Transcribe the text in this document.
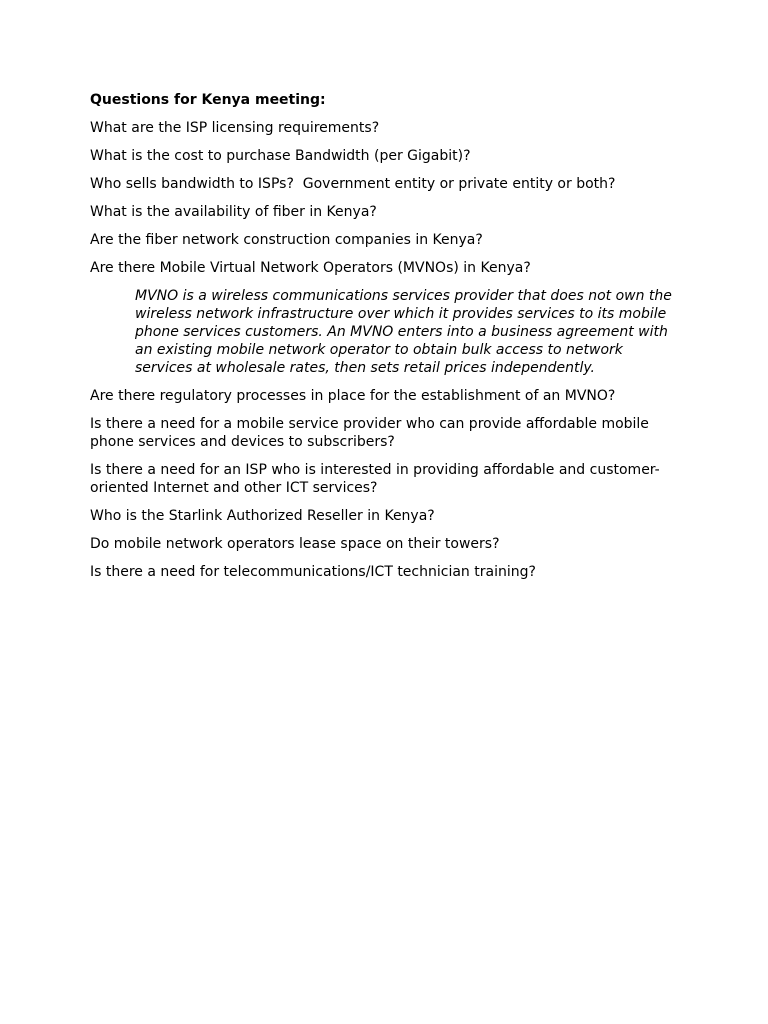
Questions for Kenya meeting:

What are the ISP licensing requirements?

What is the cost to purchase Bandwidth (per Gigabit)?

Who sells bandwidth to ISPs?  Government entity or private entity or both?

What is the availability of fiber in Kenya?

Are the fiber network construction companies in Kenya?

Are there Mobile Virtual Network Operators (MVNOs) in Kenya?

MVNO is a wireless communications services provider that does not own the wireless network infrastructure over which it provides services to its mobile phone services customers. An MVNO enters into a business agreement with an existing mobile network operator to obtain bulk access to network services at wholesale rates, then sets retail prices independently.

Are there regulatory processes in place for the establishment of an MVNO?

Is there a need for a mobile service provider who can provide affordable mobile phone services and devices to subscribers?

Is there a need for an ISP who is interested in providing affordable and customer-oriented Internet and other ICT services?

Who is the Starlink Authorized Reseller in Kenya?

Do mobile network operators lease space on their towers?

Is there a need for telecommunications/ICT technician training?
